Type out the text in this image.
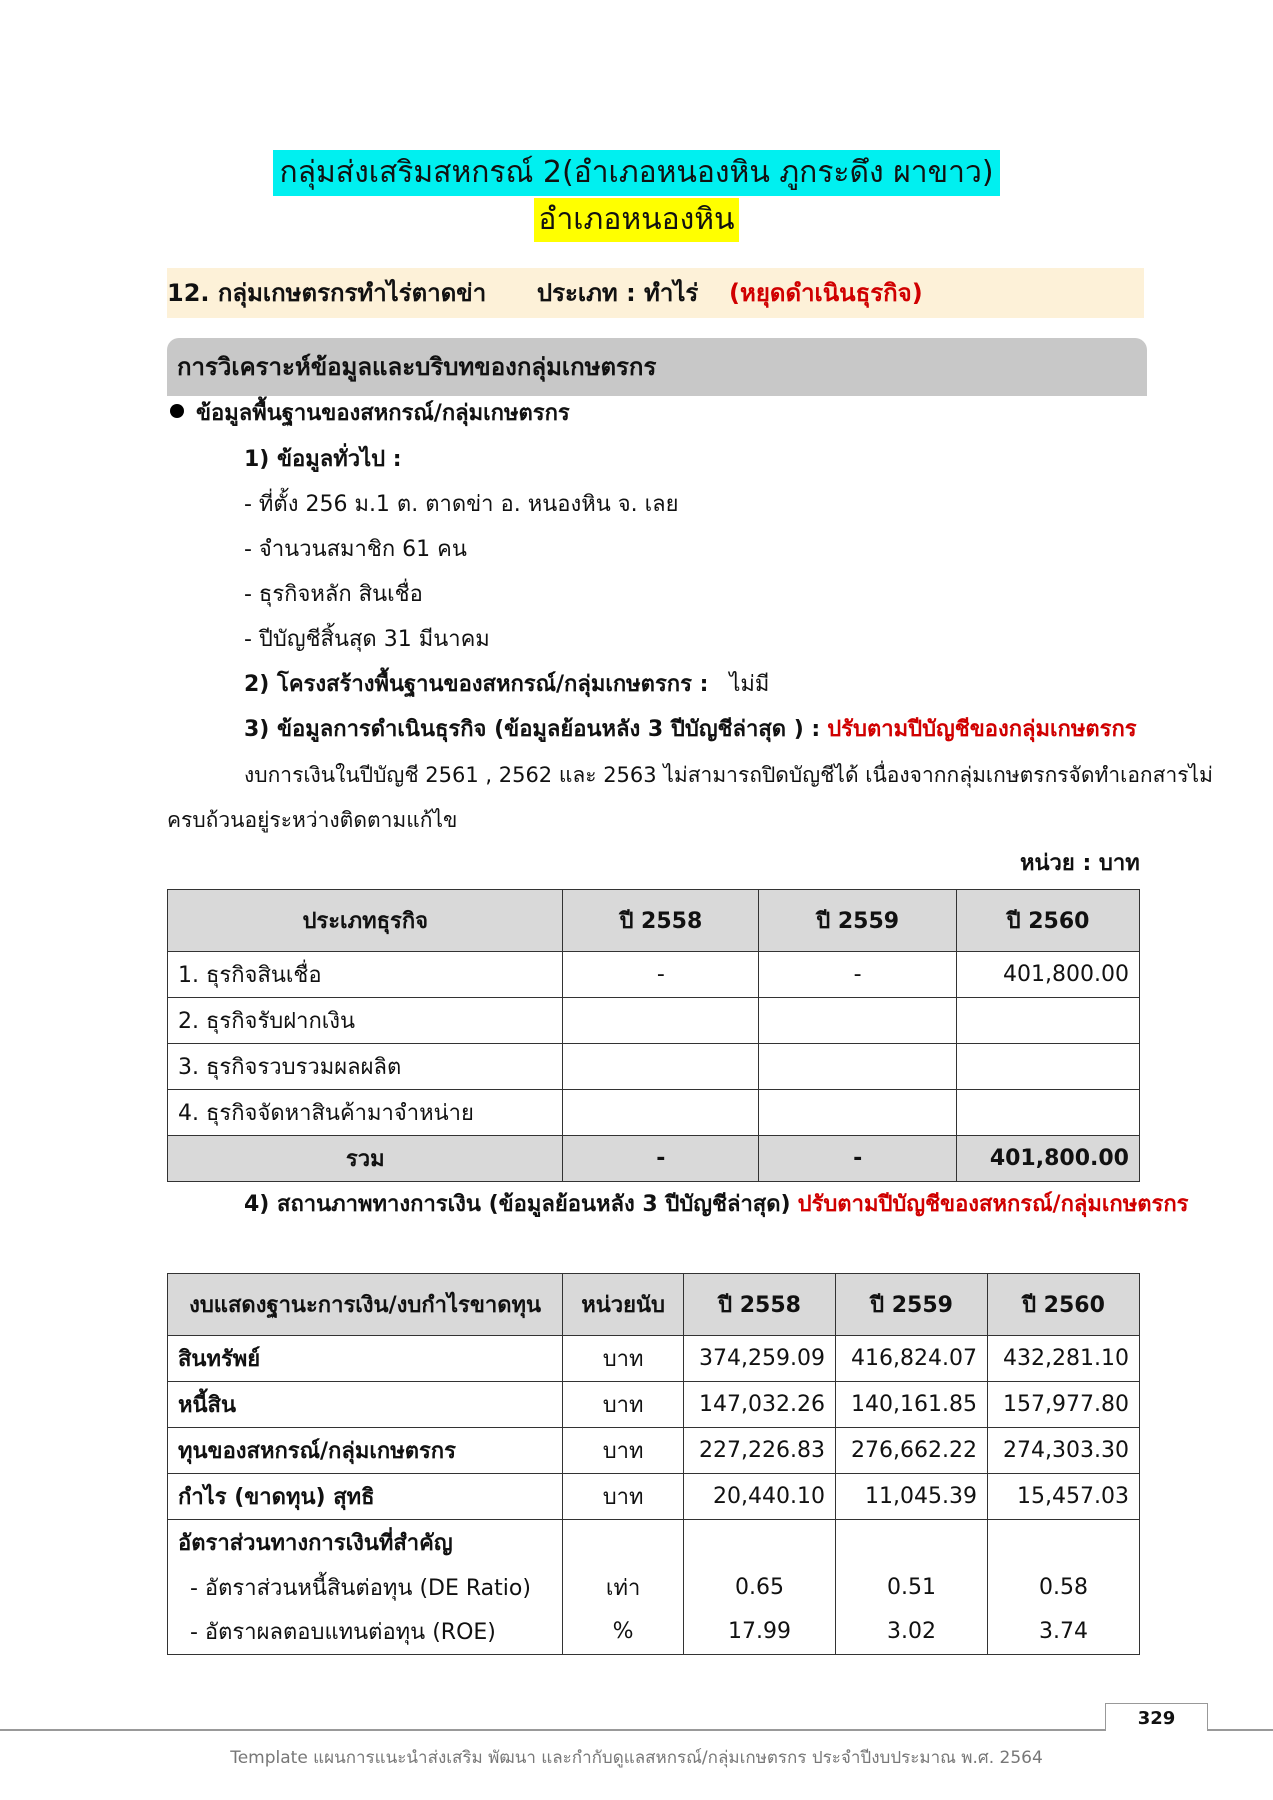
กลุ่มส่งเสริมสหกรณ์ 2(อำเภอหนองหิน ภูกระดึง ผาขาว)
อำเภอหนองหิน
12. กลุ่มเกษตรกรทำไร่ตาดข่า ประเภท : ทำไร่ (หยุดดำเนินธุรกิจ)
การวิเคราะห์ข้อมูลและบริบทของกลุ่มเกษตรกร
ข้อมูลพื้นฐานของสหกรณ์/กลุ่มเกษตรกร
1) ข้อมูลทั่วไป :
- ที่ตั้ง 256 ม.1 ต. ตาดข่า อ. หนองหิน จ. เลย
- จำนวนสมาชิก 61 คน
- ธุรกิจหลัก สินเชื่อ
- ปีบัญชีสิ้นสุด 31 มีนาคม
2) โครงสร้างพื้นฐานของสหกรณ์/กลุ่มเกษตรกร : ไม่มี
3) ข้อมูลการดำเนินธุรกิจ (ข้อมูลย้อนหลัง 3 ปีบัญชีล่าสุด ) : ปรับตามปีบัญชีของกลุ่มเกษตรกร
งบการเงินในปีบัญชี 2561 , 2562 และ 2563 ไม่สามารถปิดบัญชีได้ เนื่องจากกลุ่มเกษตรกรจัดทำเอกสารไม่
ครบถ้วนอยู่ระหว่างติดตามแก้ไข
หน่วย : บาท
ประเภทธุรกิจ	ปี 2558	ปี 2559	ปี 2560
1. ธุรกิจสินเชื่อ	-	-	401,800.00
2. ธุรกิจรับฝากเงิน			
3. ธุรกิจรวบรวมผลผลิต			
4. ธุรกิจจัดหาสินค้ามาจำหน่าย			
รวม	-	-	401,800.00
4) สถานภาพทางการเงิน (ข้อมูลย้อนหลัง 3 ปีบัญชีล่าสุด) ปรับตามปีบัญชีของสหกรณ์/กลุ่มเกษตรกร
งบแสดงฐานะการเงิน/งบกำไรขาดทุน	หน่วยนับ	ปี 2558	ปี 2559	ปี 2560
สินทรัพย์	บาท	374,259.09	416,824.07	432,281.10
หนี้สิน	บาท	147,032.26	140,161.85	157,977.80
ทุนของสหกรณ์/กลุ่มเกษตรกร	บาท	227,226.83	276,662.22	274,303.30
กำไร (ขาดทุน) สุทธิ	บาท	20,440.10	11,045.39	15,457.03
อัตราส่วนทางการเงินที่สำคัญ				
- อัตราส่วนหนี้สินต่อทุน (DE Ratio)	เท่า	0.65	0.51	0.58
- อัตราผลตอบแทนต่อทุน (ROE)	%	17.99	3.02	3.74
329
Template แผนการแนะนำส่งเสริม พัฒนา และกำกับดูแลสหกรณ์/กลุ่มเกษตรกร ประจำปีงบประมาณ พ.ศ. 2564
